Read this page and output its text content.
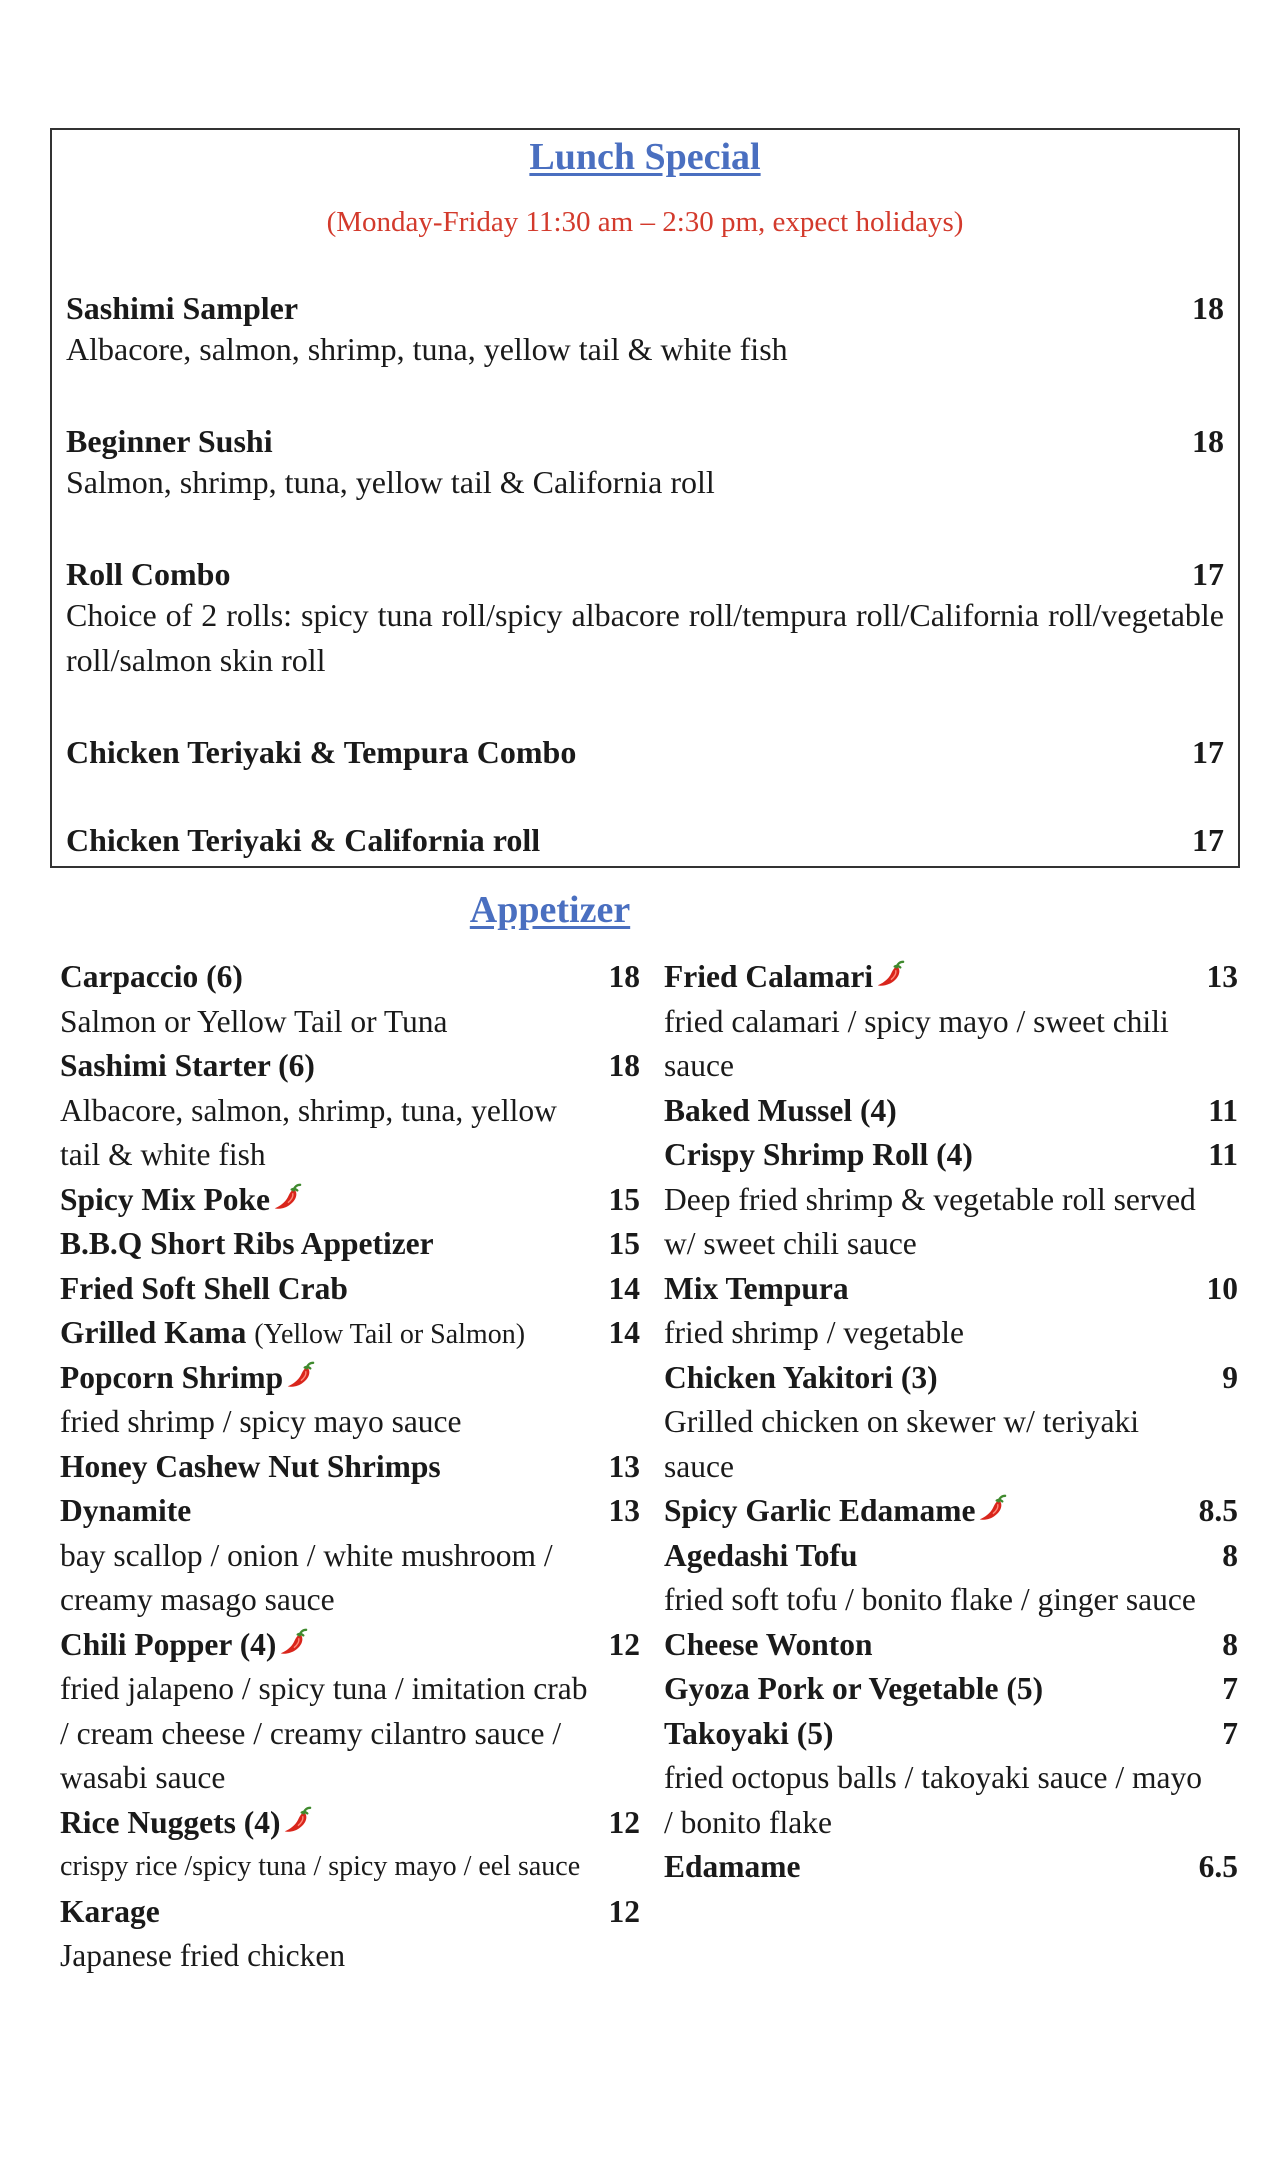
Lunch Special
(Monday-Friday 11:30 am – 2:30 pm, expect holidays)
Sashimi Sampler	18
Albacore, salmon, shrimp, tuna, yellow tail & white fish
Beginner Sushi	18
Salmon, shrimp, tuna, yellow tail & California roll
Roll Combo	17
Choice of 2 rolls: spicy tuna roll/spicy albacore roll/tempura roll/California roll/vegetable roll/salmon skin roll
Chicken Teriyaki & Tempura Combo	17
Chicken Teriyaki & California roll	17
Appetizer
Carpaccio (6)	18
Salmon or Yellow Tail or Tuna
Sashimi Starter (6)	18
Albacore, salmon, shrimp, tuna, yellow
tail & white fish
Spicy Mix Poke	15
B.B.Q Short Ribs Appetizer	15
Fried Soft Shell Crab	14
Grilled Kama (Yellow Tail or Salmon)	14
Popcorn Shrimp
fried shrimp / spicy mayo sauce
Honey Cashew Nut Shrimps	13
Dynamite	13
bay scallop / onion / white mushroom /
creamy masago sauce
Chili Popper (4)	12
fried jalapeno / spicy tuna / imitation crab
/ cream cheese / creamy cilantro sauce /
wasabi sauce
Rice Nuggets (4)	12
crispy rice /spicy tuna / spicy mayo / eel sauce
Karage	12
Japanese fried chicken
Fried Calamari	13
fried calamari / spicy mayo / sweet chili
sauce
Baked Mussel (4)	11
Crispy Shrimp Roll (4)	11
Deep fried shrimp & vegetable roll served
w/ sweet chili sauce
Mix Tempura	10
fried shrimp / vegetable
Chicken Yakitori (3)	9
Grilled chicken on skewer w/ teriyaki
sauce
Spicy Garlic Edamame	8.5
Agedashi Tofu	8
fried soft tofu / bonito flake / ginger sauce
Cheese Wonton	8
Gyoza Pork or Vegetable (5)	7
Takoyaki (5)	7
fried octopus balls / takoyaki sauce / mayo
/ bonito flake
Edamame	6.5
